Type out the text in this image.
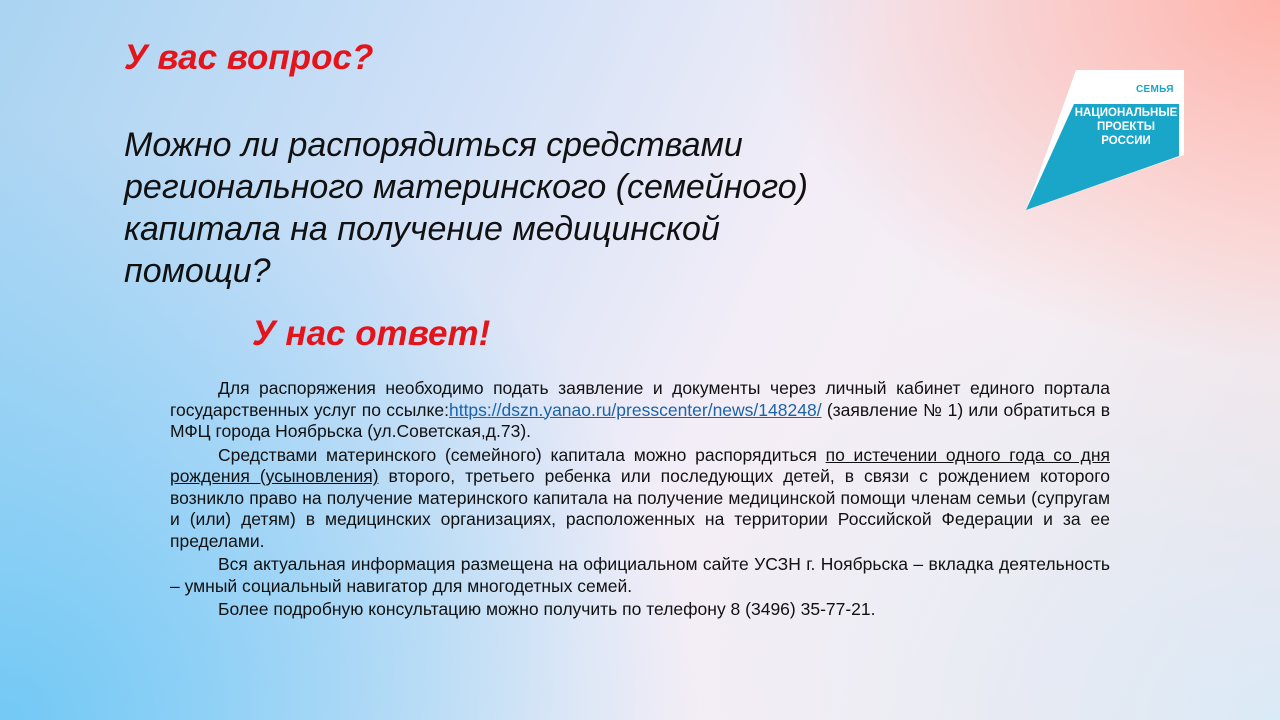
У вас вопрос?
Можно ли распорядиться средствами
регионального материнского (семейного)
капитала на получение медицинской
помощи?
У нас ответ!

Для распоряжения необходимо подать заявление и документы через личный кабинет единого портала государственных услуг по ссылке:https://dszn.yanao.ru/presscenter/news/148248/ (заявление № 1) или обратиться в МФЦ города Ноябрьска (ул.Советская,д.73).

Средствами материнского (семейного) капитала можно распорядиться по истечении одного года со дня рождения (усыновления) второго, третьего ребенка или последующих детей, в связи с рождением которого возникло право на получение материнского капитала на получение медицинской помощи членам семьи (супругам и (или) детям) в медицинских организациях, расположенных на территории Российской Федерации и за ее пределами.

Вся актуальная информация размещена на официальном сайте УСЗН г. Ноябрьска – вкладка деятельность – умный социальный навигатор для многодетных семей.

Более подробную консультацию можно получить по телефону 8 (3496) 35-77-21.

СЕМЬЯ
НАЦИОНАЛЬНЫЕ
ПРОЕКТЫ
РОССИИ
